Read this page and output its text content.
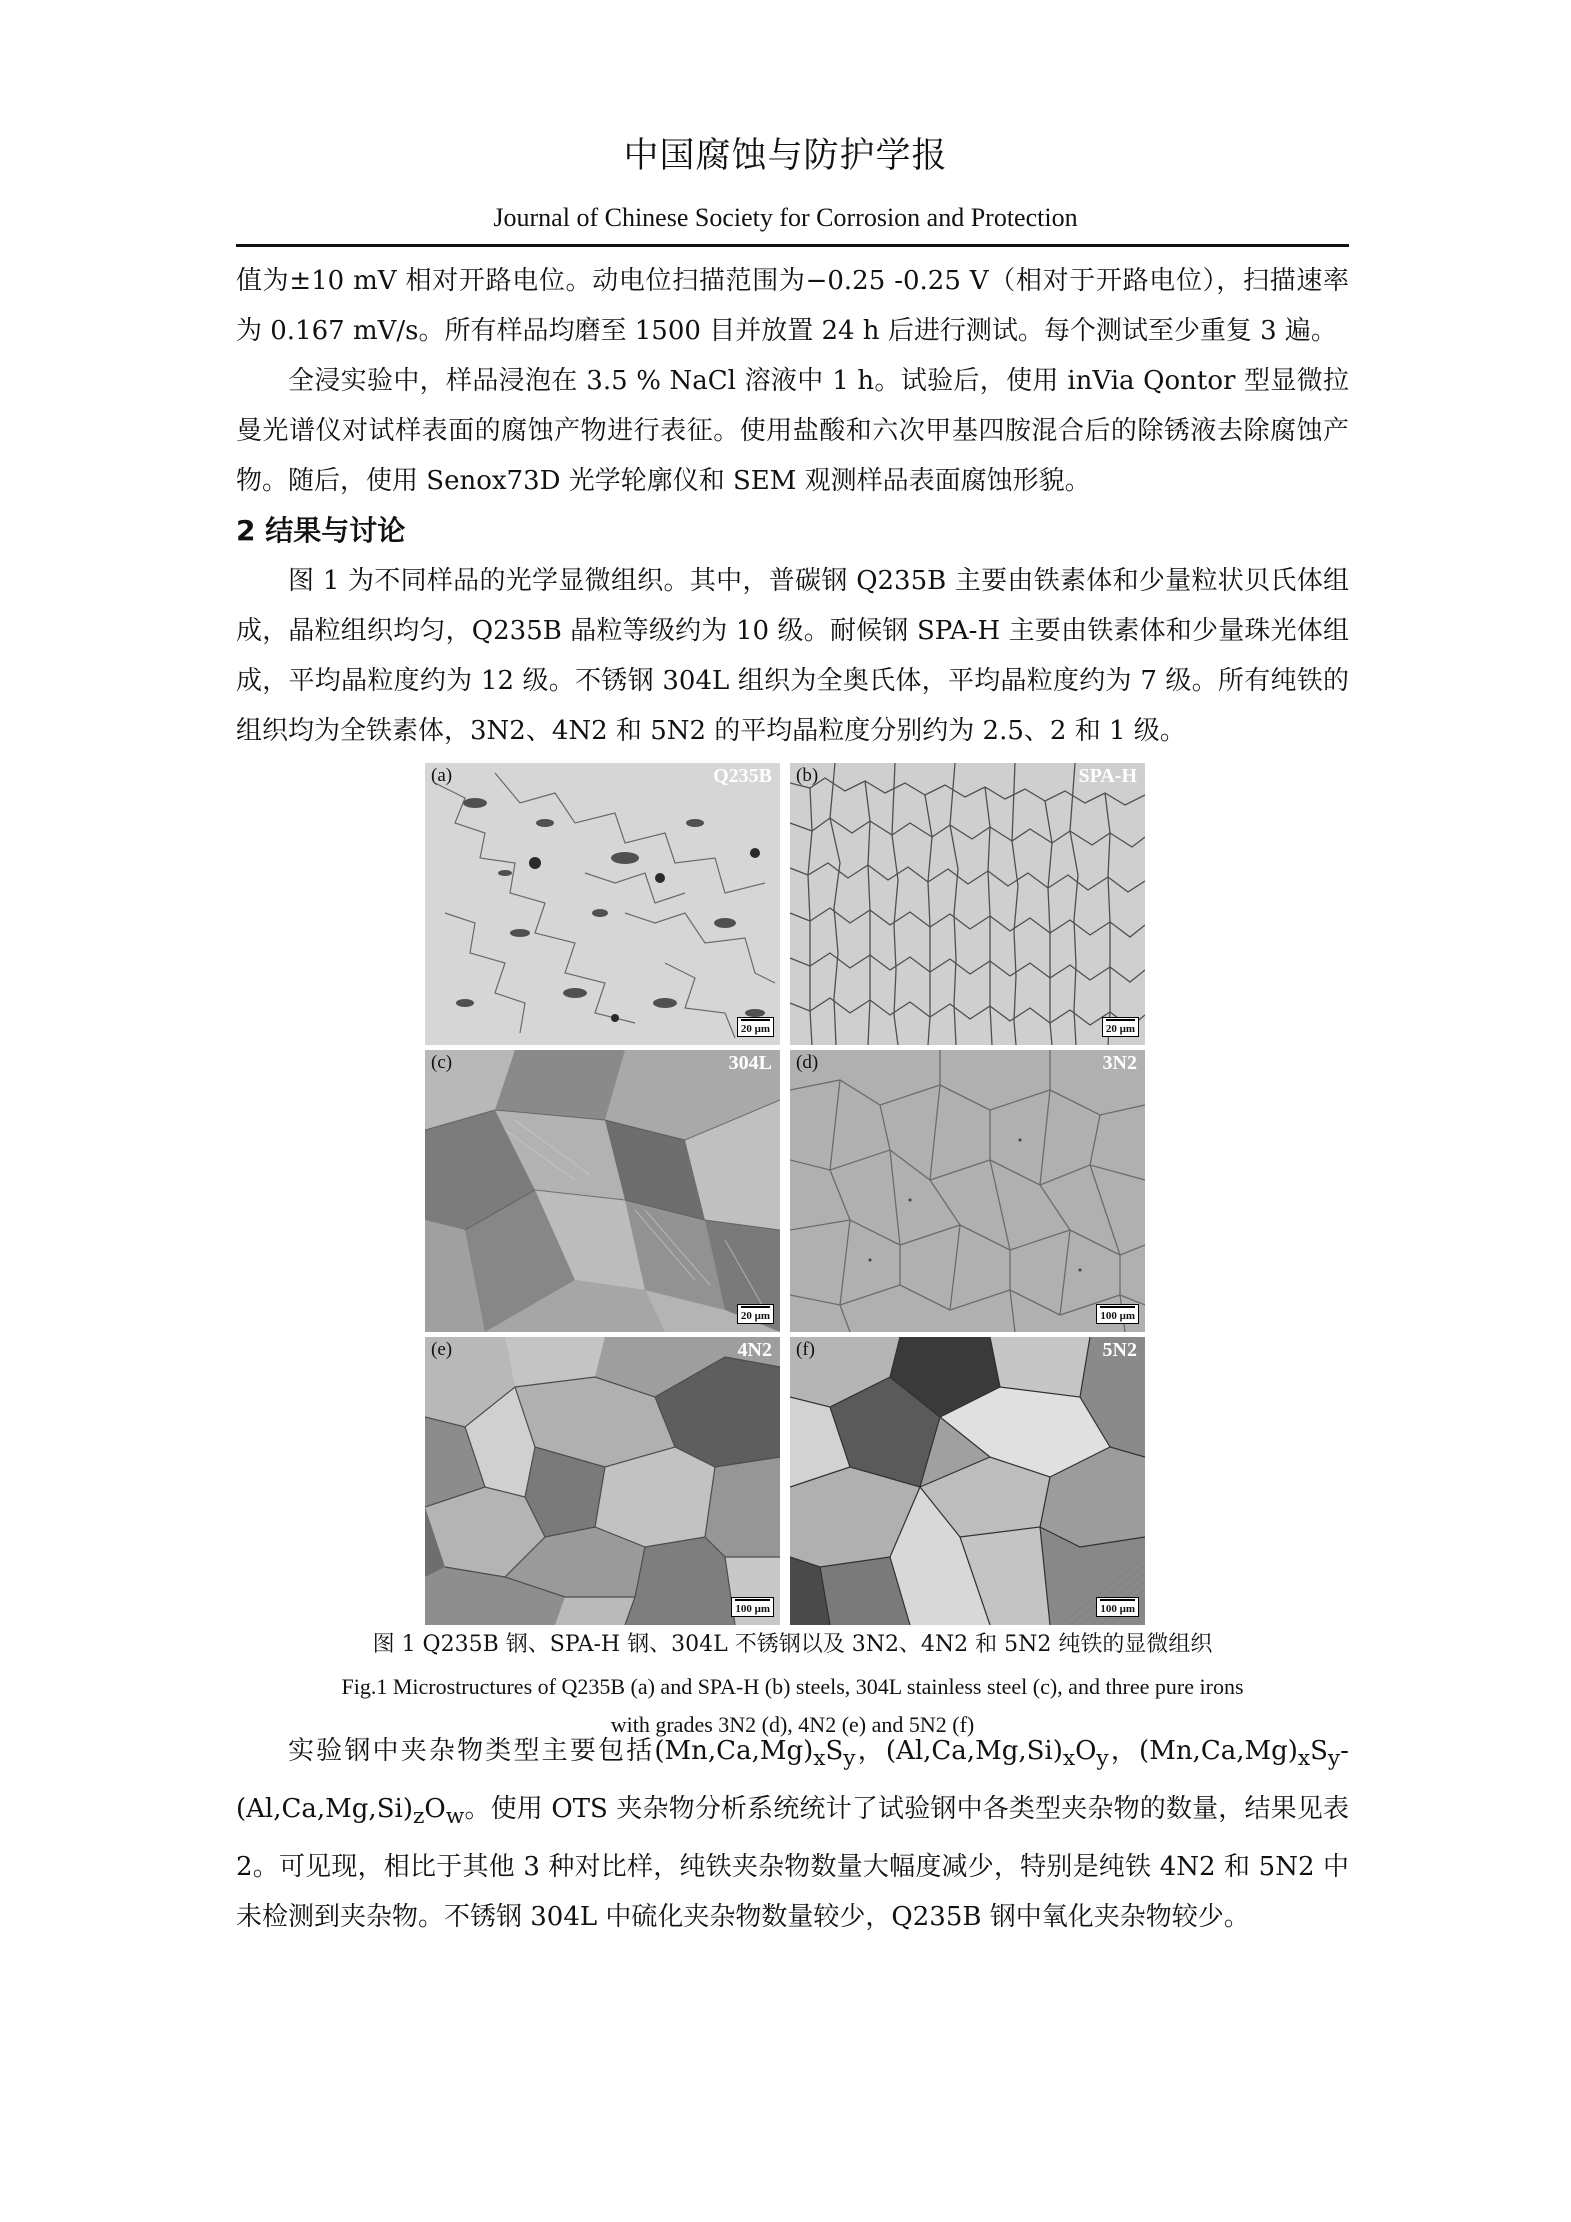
中国腐蚀与防护学报
Journal of Chinese Society for Corrosion and Protection

值为±10 mV 相对开路电位。动电位扫描范围为−0.25 -0.25 V（相对于开路电位），扫描速率为 0.167 mV/s。所有样品均磨至 1500 目并放置 24 h 后进行测试。每个测试至少重复 3 遍。

全浸实验中，样品浸泡在 3.5 % NaCl 溶液中 1 h。试验后，使用 inVia Qontor 型显微拉曼光谱仪对试样表面的腐蚀产物进行表征。使用盐酸和六次甲基四胺混合后的除锈液去除腐蚀产物。随后，使用 Senox73D 光学轮廓仪和 SEM 观测样品表面腐蚀形貌。

2 结果与讨论

图 1 为不同样品的光学显微组织。其中，普碳钢 Q235B 主要由铁素体和少量粒状贝氏体组成，晶粒组织均匀，Q235B 晶粒等级约为 10 级。耐候钢 SPA-H 主要由铁素体和少量珠光体组成，平均晶粒度约为 12 级。不锈钢 304L 组织为全奥氏体，平均晶粒度约为 7 级。所有纯铁的组织均为全铁素体，3N2、4N2 和 5N2 的平均晶粒度分别约为 2.5、2 和 1 级。

(a)	Q235B
20 μm
(b)	SPA-H
20 μm
(c)	304L
20 μm
(d)	3N2
100 μm
(e)	4N2
100 μm
(f)	5N2
100 μm
图 1 Q235B 钢、SPA-H 钢、304L 不锈钢以及 3N2、4N2 和 5N2 纯铁的显微组织
Fig.1 Microstructures of Q235B (a) and SPA-H (b) steels, 304L stainless steel (c), and three pure irons
with grades 3N2 (d), 4N2 (e) and 5N2 (f)

实验钢中夹杂物类型主要包括$(Mn,Ca,Mg)_xS_y$，$(Al,Ca,Mg,Si)_xO_y$，$(Mn,Ca,Mg)_xS_y-(Al,Ca,Mg,Si)_zO_w$。使用 OTS 夹杂物分析系统统计了试验钢中各类型夹杂物的数量，结果见表 2。可见现，相比于其他 3 种对比样，纯铁夹杂物数量大幅度减少，特别是纯铁 4N2 和 5N2 中未检测到夹杂物。不锈钢 304L 中硫化夹杂物数量较少，Q235B 钢中氧化夹杂物较少。
